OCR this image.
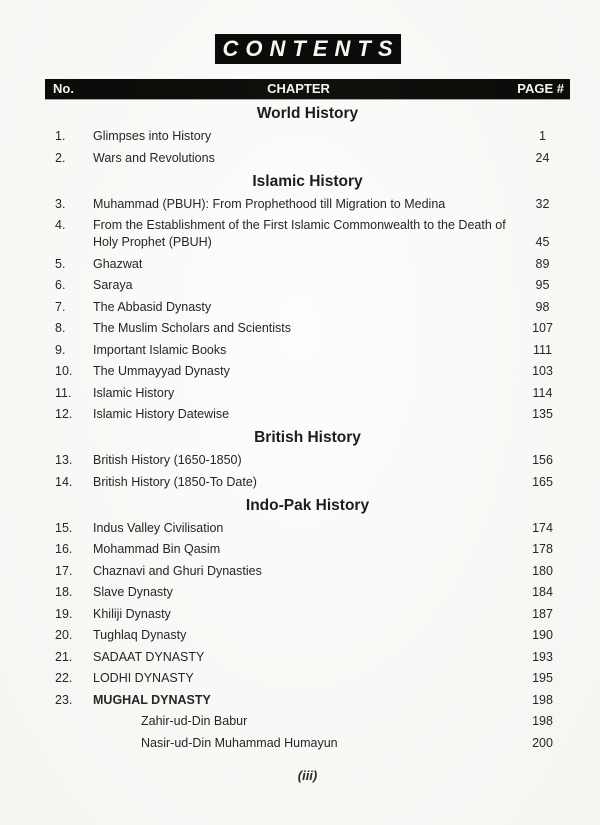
CONTENTS
No.	CHAPTER	PAGE #
World History
1.	Glimpses into History	1
2.	Wars and Revolutions	24
Islamic History
3.	Muhammad (PBUH): From Prophethood till Migration to Medina	32
4.	From the Establishment of the First Islamic Commonwealth to the Death of Holy Prophet (PBUH)	45
5.	Ghazwat	89
6.	Saraya	95
7.	The Abbasid Dynasty	98
8.	The Muslim Scholars and Scientists	107
9.	Important Islamic Books	111
10.	The Ummayyad Dynasty	103
11.	Islamic History	114
12.	Islamic History Datewise	135
British History
13.	British History (1650-1850)	156
14.	British History (1850-To Date)	165
Indo-Pak History
15.	Indus Valley Civilisation	174
16.	Mohammad Bin Qasim	178
17.	Chaznavi and Ghuri Dynasties	180
18.	Slave Dynasty	184
19.	Khiliji Dynasty	187
20.	Tughlaq Dynasty	190
21.	SADAAT DYNASTY	193
22.	LODHI DYNASTY	195
23.	MUGHAL DYNASTY	198
Zahir-ud-Din Babur	198
Nasir-ud-Din Muhammad Humayun	200
(iii)
